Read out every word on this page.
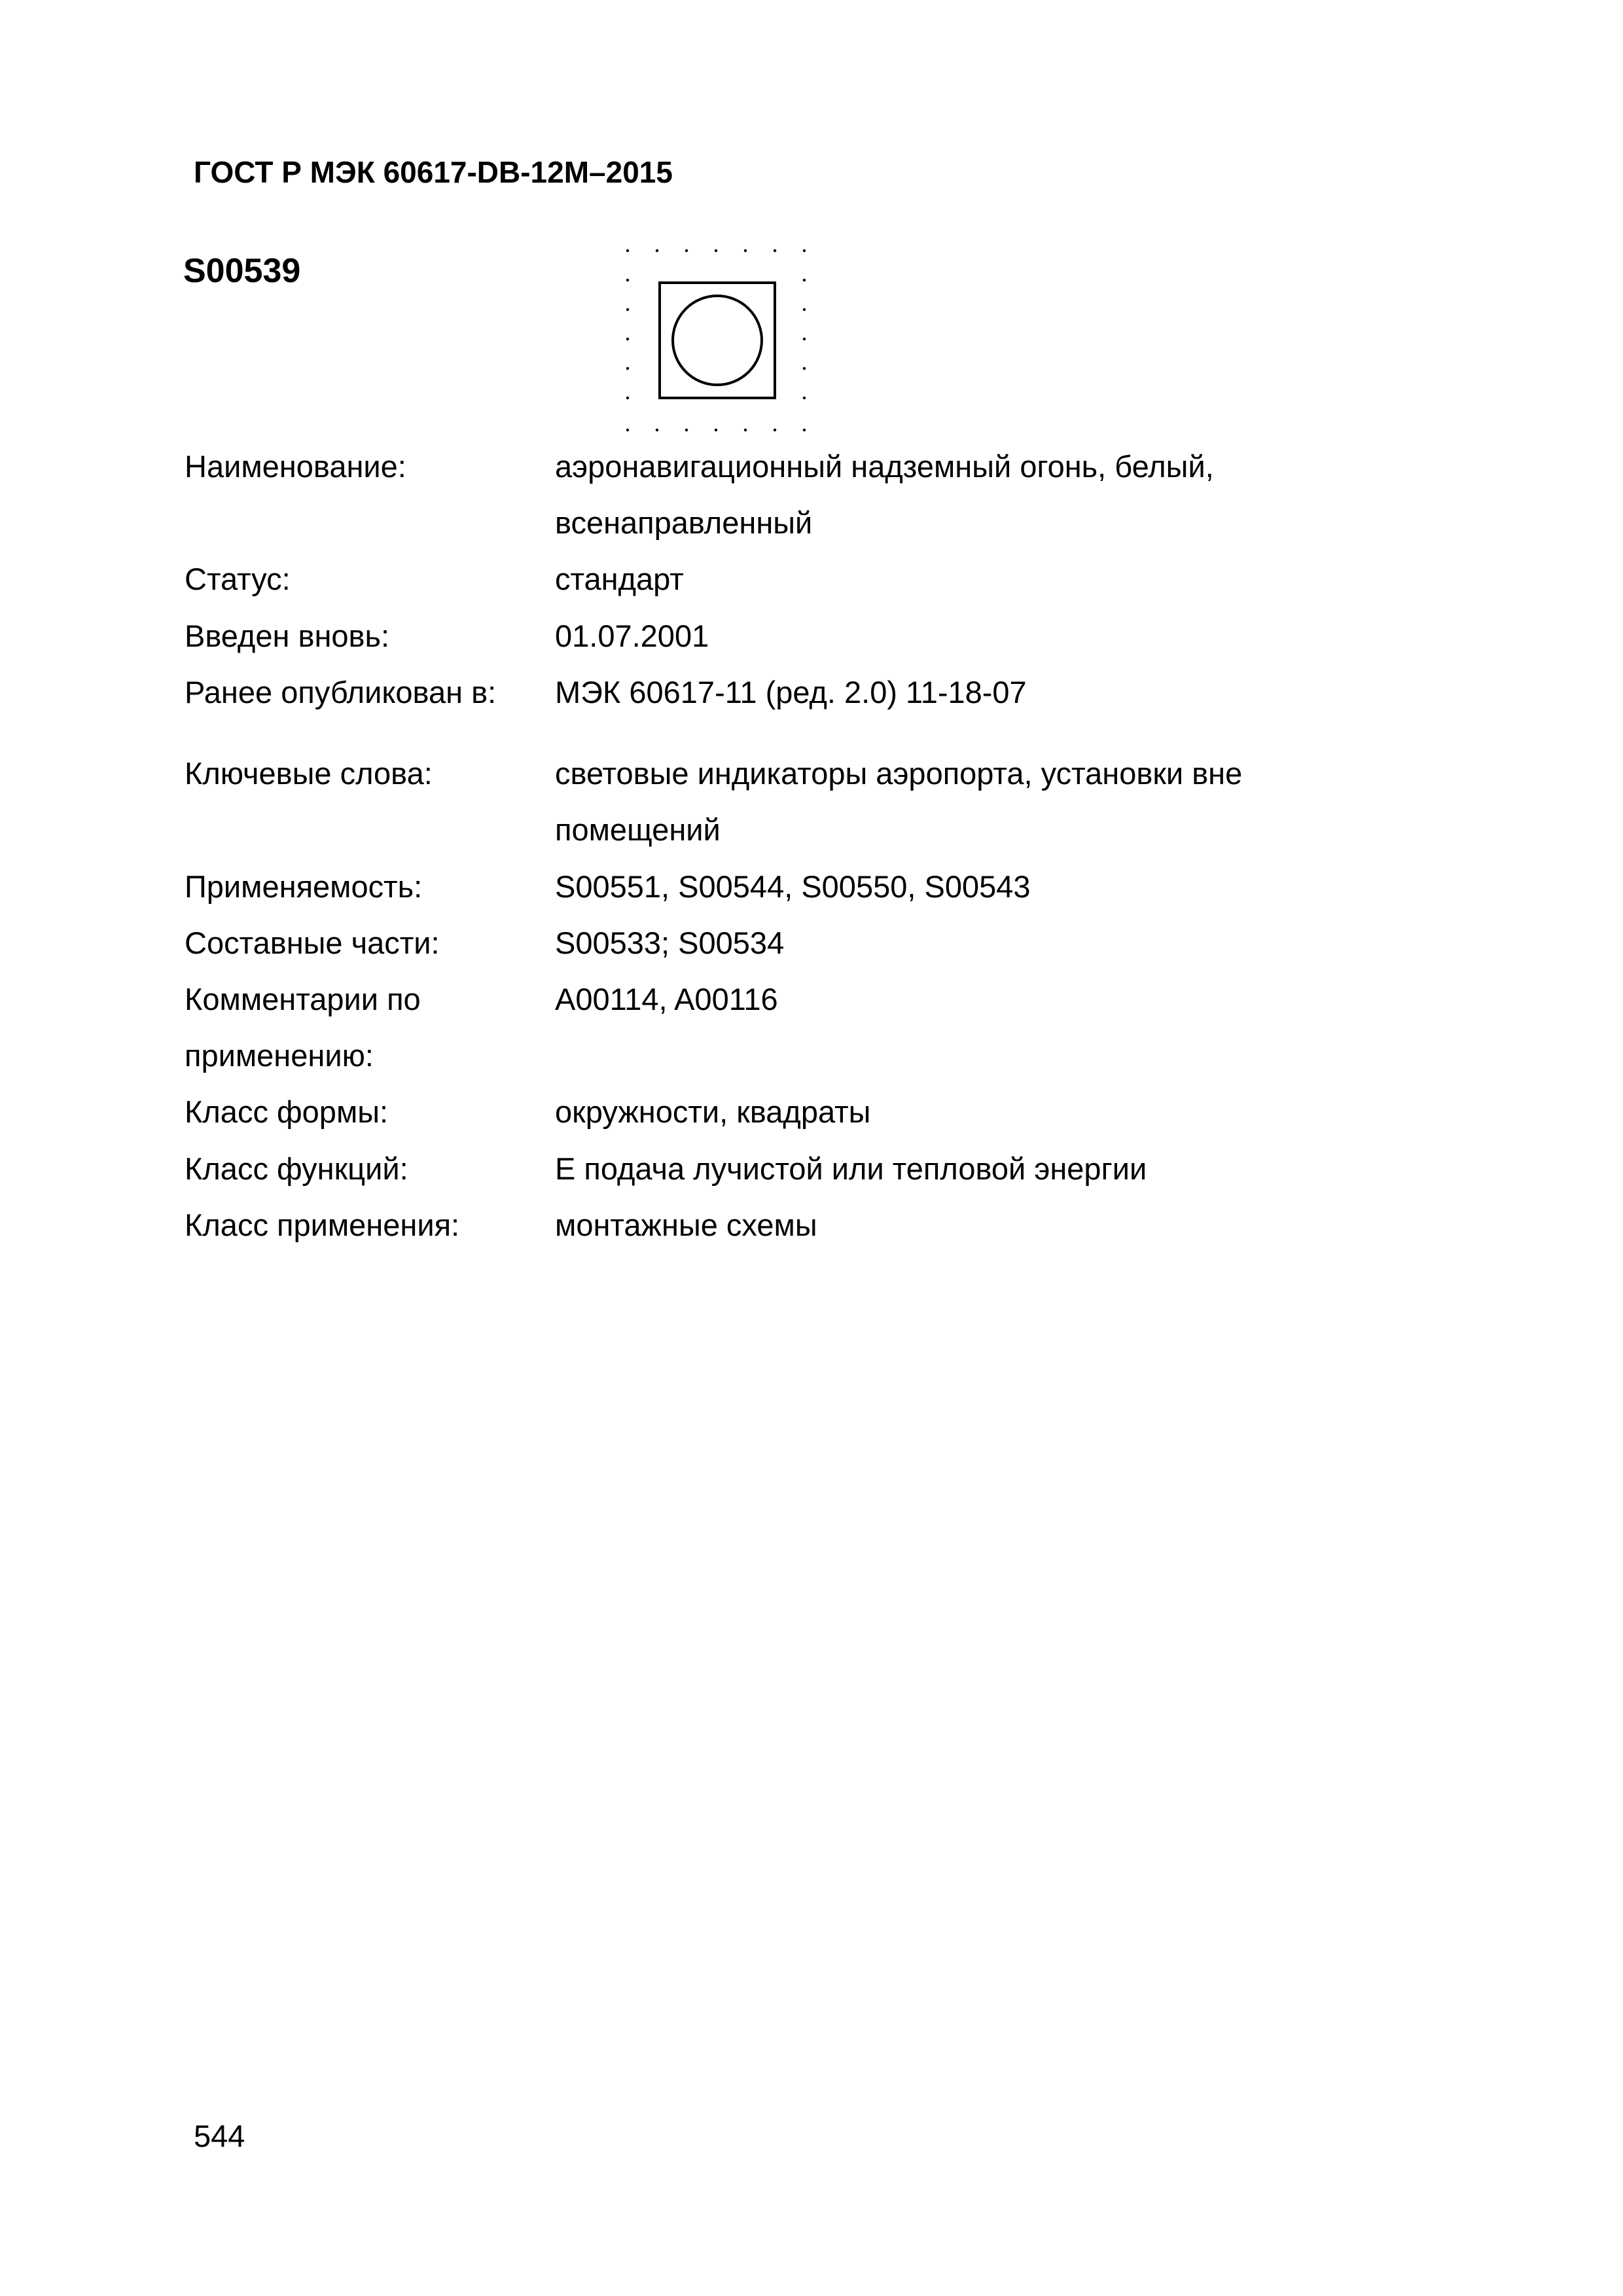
ГОСТ Р МЭК 60617-DB-12M–2015
S00539
Наименование:	аэронавигационный надземный огонь, белый,
всенаправленный
Статус:	стандарт
Введен вновь:	01.07.2001
Ранее опубликован в: МЭК 60617-11 (ред. 2.0) 11-18-07
Ключевые слова:	световые индикаторы аэропорта, установки вне
помещений
Применяемость:	S00551, S00544, S00550, S00543
Составные части:	S00533; S00534
Комментарии по	A00114, A00116
применению:
Класс формы:	окружности, квадраты
Класс функций:	E подача лучистой или тепловой энергии
Класс применения:	монтажные схемы
544
